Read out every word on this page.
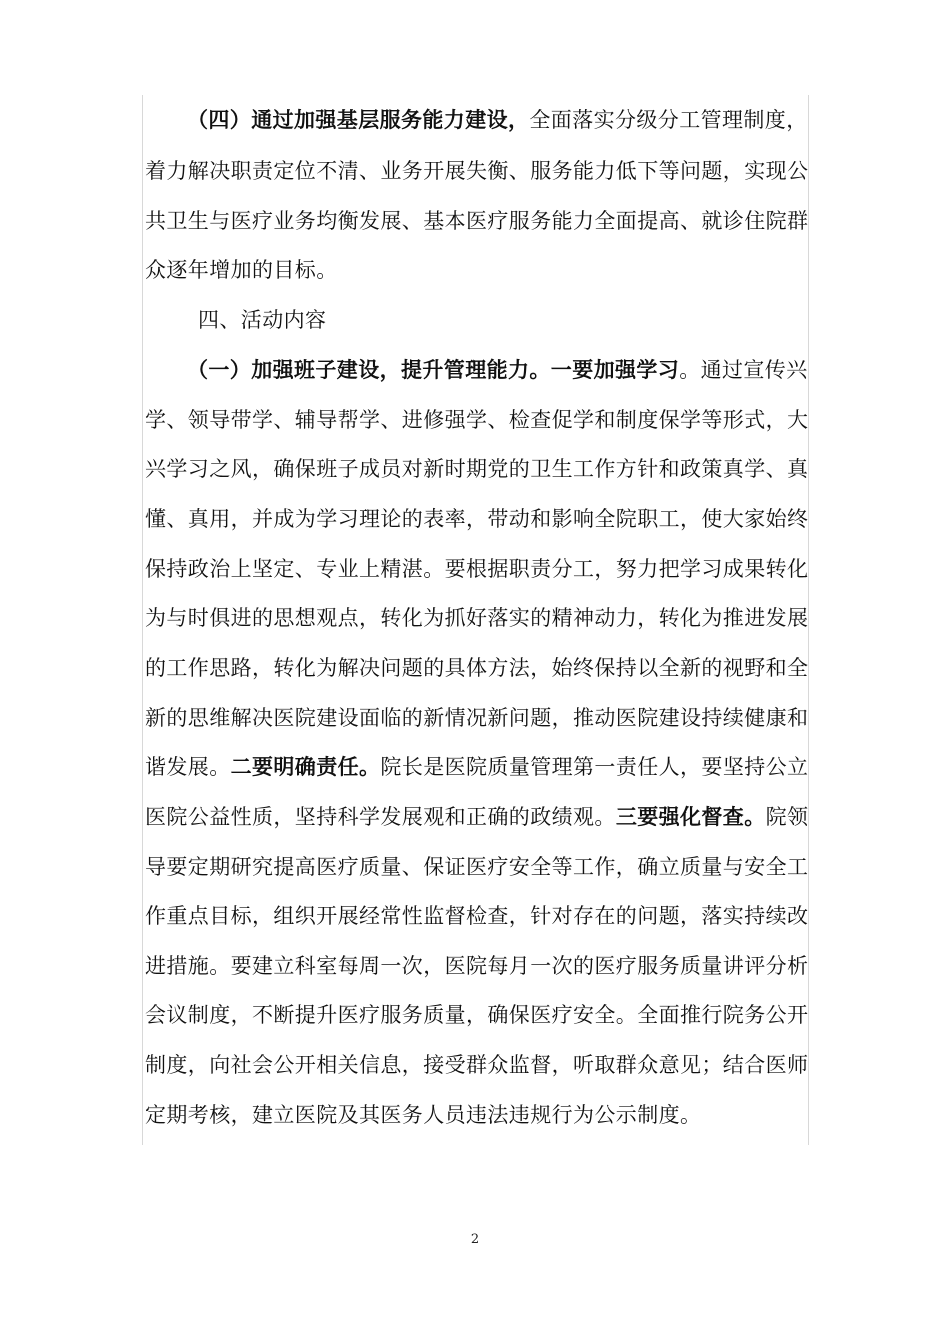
（四）通过加强基层服务能力建设，全面落实分级分工管理制度，
着力解决职责定位不清、业务开展失衡、服务能力低下等问题，实现公
共卫生与医疗业务均衡发展、基本医疗服务能力全面提高、就诊住院群
众逐年增加的目标。
四、活动内容
（一）加强班子建设，提升管理能力。一要加强学习。通过宣传兴
学、领导带学、辅导帮学、进修强学、检查促学和制度保学等形式，大
兴学习之风，确保班子成员对新时期党的卫生工作方针和政策真学、真
懂、真用，并成为学习理论的表率，带动和影响全院职工，使大家始终
保持政治上坚定、专业上精湛。要根据职责分工，努力把学习成果转化
为与时俱进的思想观点，转化为抓好落实的精神动力，转化为推进发展
的工作思路，转化为解决问题的具体方法，始终保持以全新的视野和全
新的思维解决医院建设面临的新情况新问题，推动医院建设持续健康和
谐发展。二要明确责任。院长是医院质量管理第一责任人，要坚持公立
医院公益性质，坚持科学发展观和正确的政绩观。三要强化督查。院领
导要定期研究提高医疗质量、保证医疗安全等工作，确立质量与安全工
作重点目标，组织开展经常性监督检查，针对存在的问题，落实持续改
进措施。要建立科室每周一次，医院每月一次的医疗服务质量讲评分析
会议制度，不断提升医疗服务质量，确保医疗安全。全面推行院务公开
制度，向社会公开相关信息，接受群众监督，听取群众意见；结合医师
定期考核，建立医院及其医务人员违法违规行为公示制度。
2
